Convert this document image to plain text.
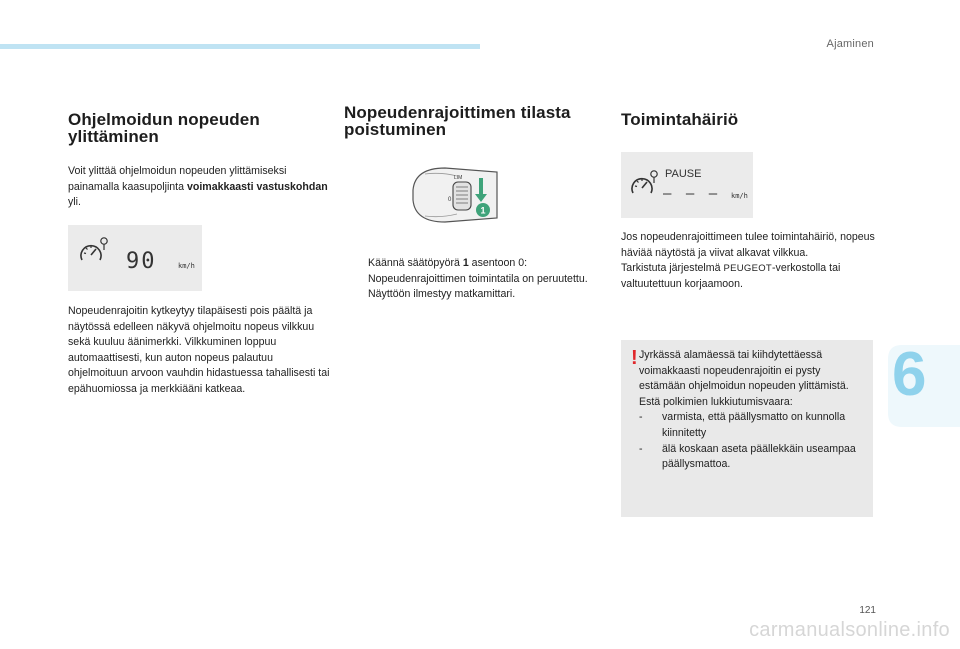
Ajaminen
6
Ohjelmoidun nopeuden ylittäminen

Voit ylittää ohjelmoidun nopeuden ylittämiseksi painamalla kaasupoljinta voimakkaasti vastuskohdan yli.

90	km/h

Nopeudenrajoitin kytkeytyy tilapäisesti pois päältä ja näytössä edelleen näkyvä ohjelmoitu nopeus vilkkuu sekä kuuluu äänimerkki. Vilkkuminen loppuu automaattisesti, kun auton nopeus palautuu ohjelmoituun arvoon vauhdin hidastuessa tahallisesti tai epähuomiossa ja merkkiääni katkeaa.

Nopeudenrajoittimen tilasta poistuminen
LIM
0
1

Käännä säätöpyörä 1 asentoon 0: Nopeudenrajoittimen toimintatila on peruutettu. Näyttöön ilmestyy matkamittari.

Toimintahäiriö
PAUSE
– – – km/h

Jos nopeudenrajoittimeen tulee toimintahäiriö, nopeus häviää näytöstä ja viivat alkavat vilkkua.

Tarkistuta järjestelmä PEUGEOT-verkostolla tai valtuutettuun korjaamoon.

! Jyrkässä alamäessä tai kiihdytettäessä voimakkaasti nopeudenrajoitin ei pysty estämään ohjelmoidun nopeuden ylittämistä.

Estä polkimien lukkiutumisvaara:

- varmista, että päällysmatto on kunnolla kiinnitetty

- älä koskaan aseta päällekkäin useampaa päällysmattoa.

121
carmanualsonline.info
